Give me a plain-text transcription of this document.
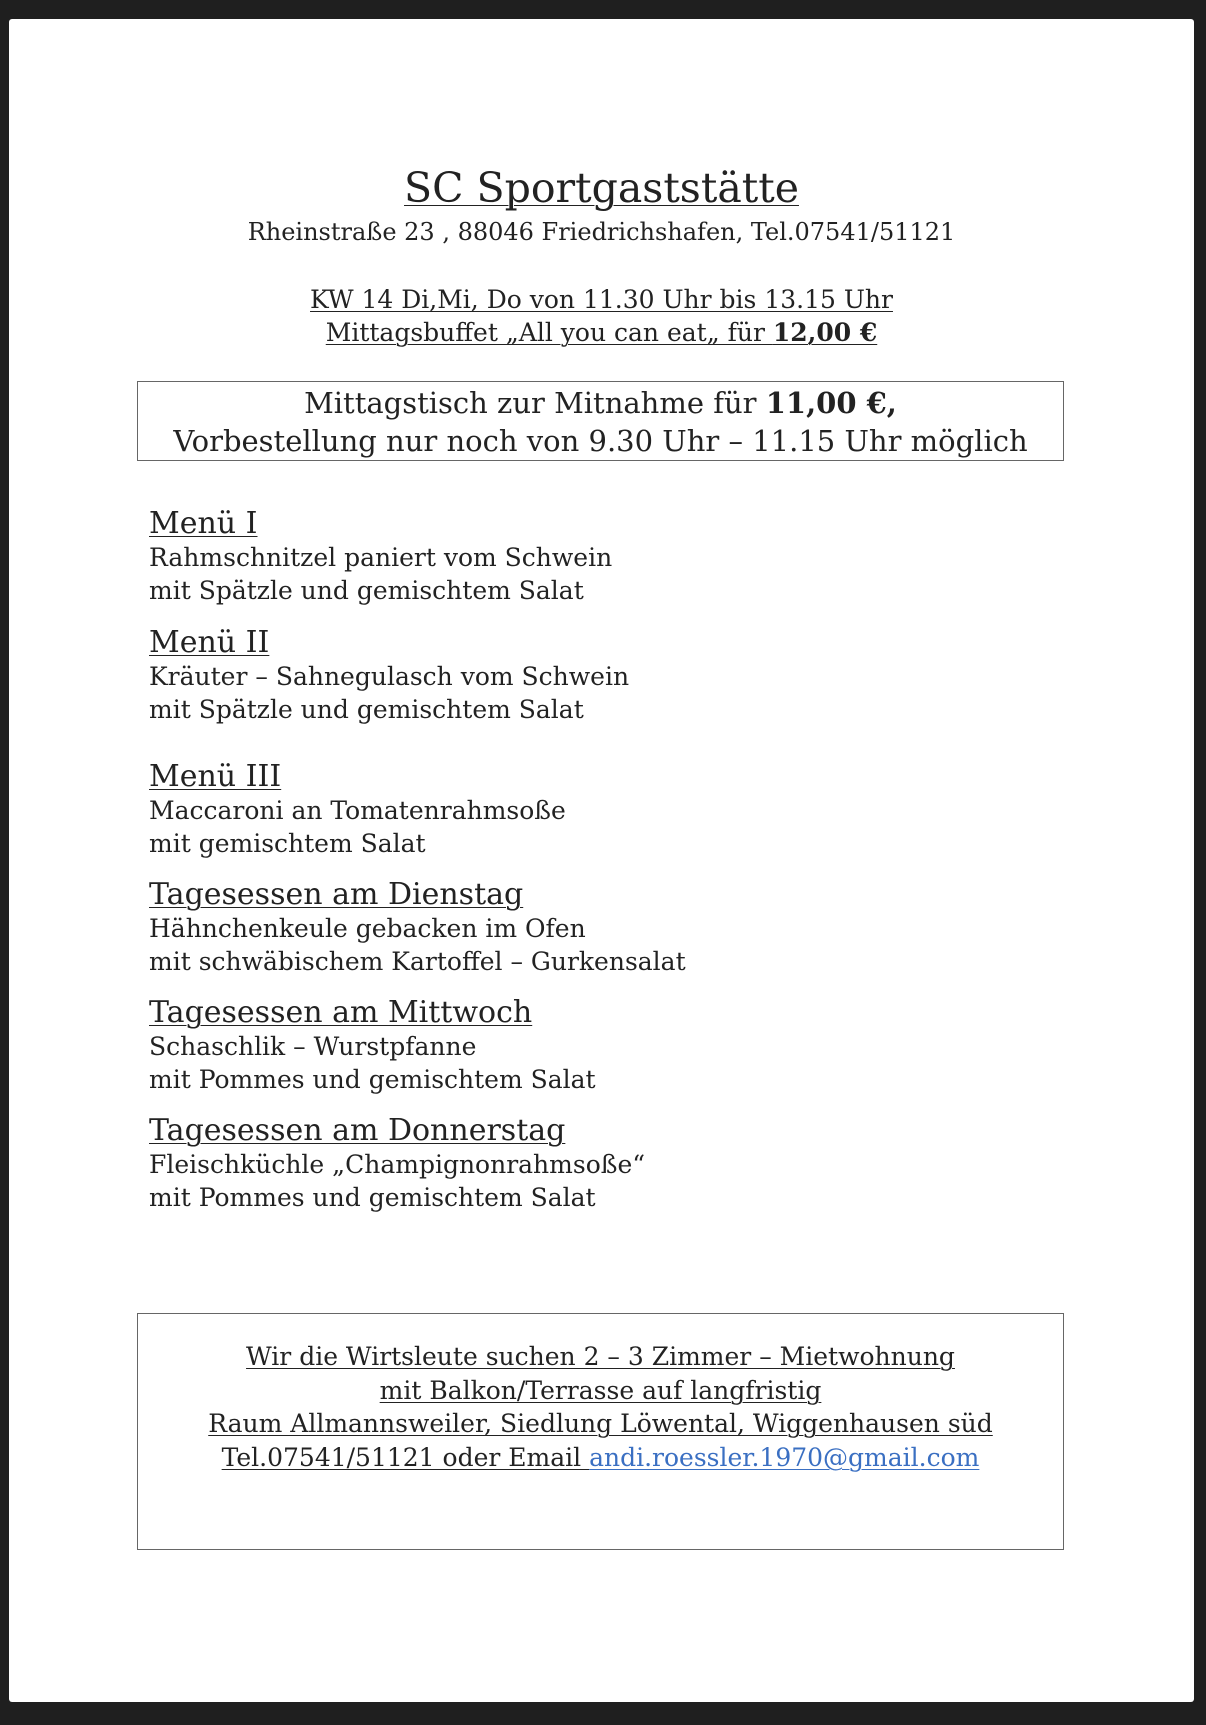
SC Sportgaststätte
Rheinstraße 23 , 88046 Friedrichshafen, Tel.07541/51121
KW 14 Di,Mi, Do von 11.30 Uhr bis 13.15 Uhr
Mittagsbuffet „All you can eat„ für 12,00 €
Mittagstisch zur Mitnahme für 11,00 €,
Vorbestellung nur noch von 9.30 Uhr – 11.15 Uhr möglich
Menü I
Rahmschnitzel paniert vom Schwein
mit Spätzle und gemischtem Salat
Menü II
Kräuter – Sahnegulasch vom Schwein
mit Spätzle und gemischtem Salat
Menü III
Maccaroni an Tomatenrahmsoße
mit gemischtem Salat
Tagesessen am Dienstag
Hähnchenkeule gebacken im Ofen
mit schwäbischem Kartoffel – Gurkensalat
Tagesessen am Mittwoch
Schaschlik – Wurstpfanne
mit Pommes und gemischtem Salat
Tagesessen am Donnerstag
Fleischküchle „Champignonrahmsoße“
mit Pommes und gemischtem Salat
Wir die Wirtsleute suchen 2 – 3 Zimmer – Mietwohnung
mit Balkon/Terrasse auf langfristig
Raum Allmannsweiler, Siedlung Löwental, Wiggenhausen süd
Tel.07541/51121 oder Email andi.roessler.1970@gmail.com
